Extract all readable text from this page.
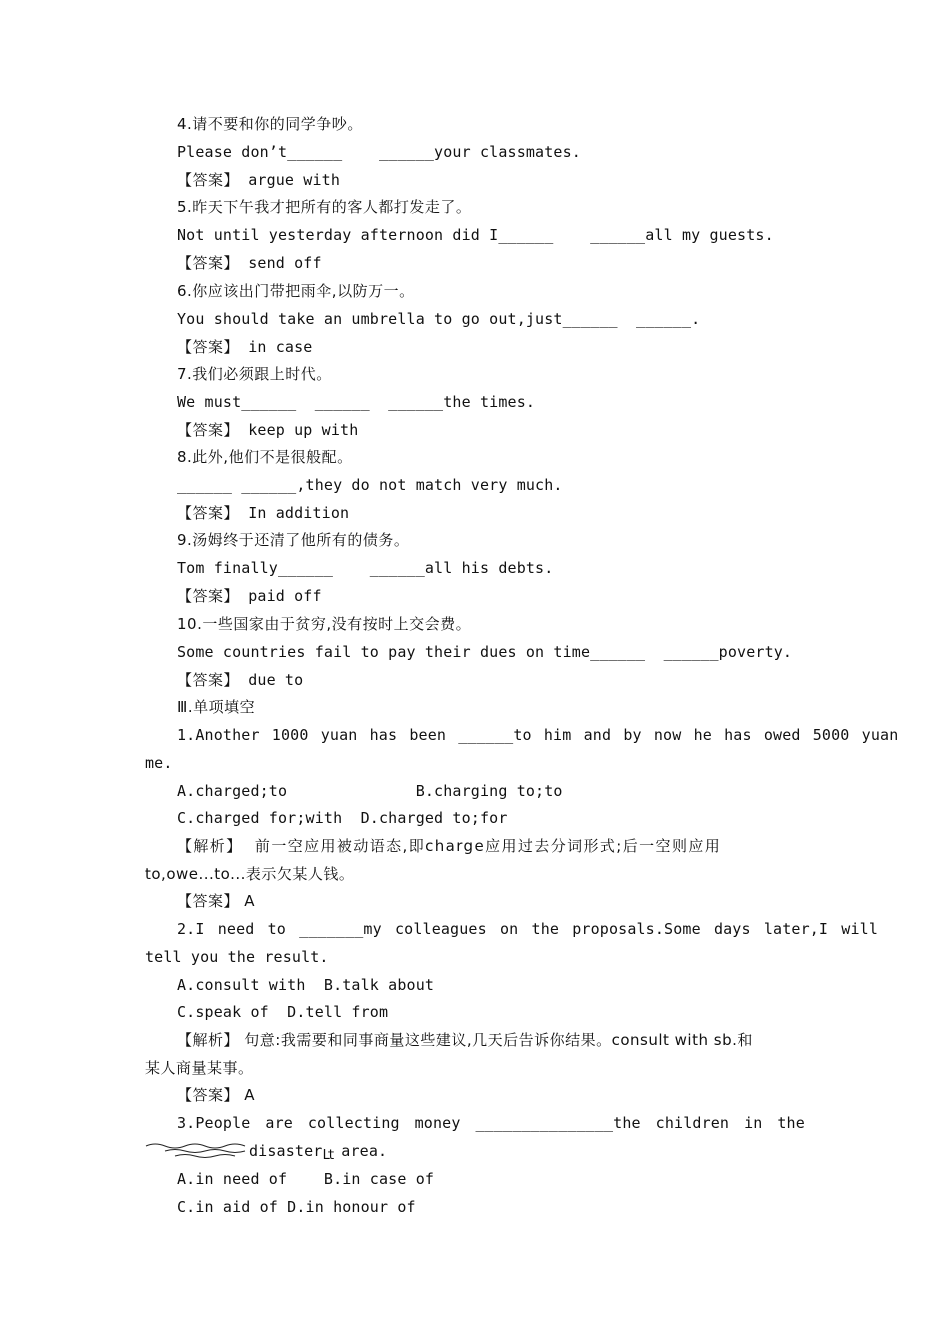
4.请不要和你的同学争吵。
Please don’t______    ______your classmates.
【答案】 argue with
5.昨天下午我才把所有的客人都打发走了。
Not until yesterday afternoon did I______    ______all my guests.
【答案】 send off
6.你应该出门带把雨伞,以防万一。
You should take an umbrella to go out,just______  ______.
【答案】 in case
7.我们必须跟上时代。
We must______  ______  ______the times.
【答案】 keep up with
8.此外,他们不是很般配。
______ ______,they do not match very much.
【答案】 In addition
9.汤姆终于还清了他所有的债务。
Tom finally______    ______all his debts.
【答案】 paid off
10.一些国家由于贫穷,没有按时上交会费。
Some countries fail to pay their dues on time______  ______poverty.
【答案】 due to
Ⅲ.单项填空
1.Another 1000 yuan has been ______to him and by now he has owed 5000 yuan
me.
A.charged;to              B.charging to;to
C.charged for;with  D.charged to;for
【解析】  前一空应用被动语态,即charge应用过去分词形式;后一空则应用
to,owe...to...表示欠某人钱。
【答案】 A
2.I need to _______my colleagues on the proposals.Some days later,I will
tell you the result.
A.consult with  B.talk about
C.speak of  D.tell from
【解析】 句意:我需要和同事商量这些建议,几天后告诉你结果。consult with sb.和
某人商量某事。
【答案】 A
3.People are collecting money _______________the children in the
disasterLt area.
A.in need of    B.in case of
C.in aid of D.in honour of
